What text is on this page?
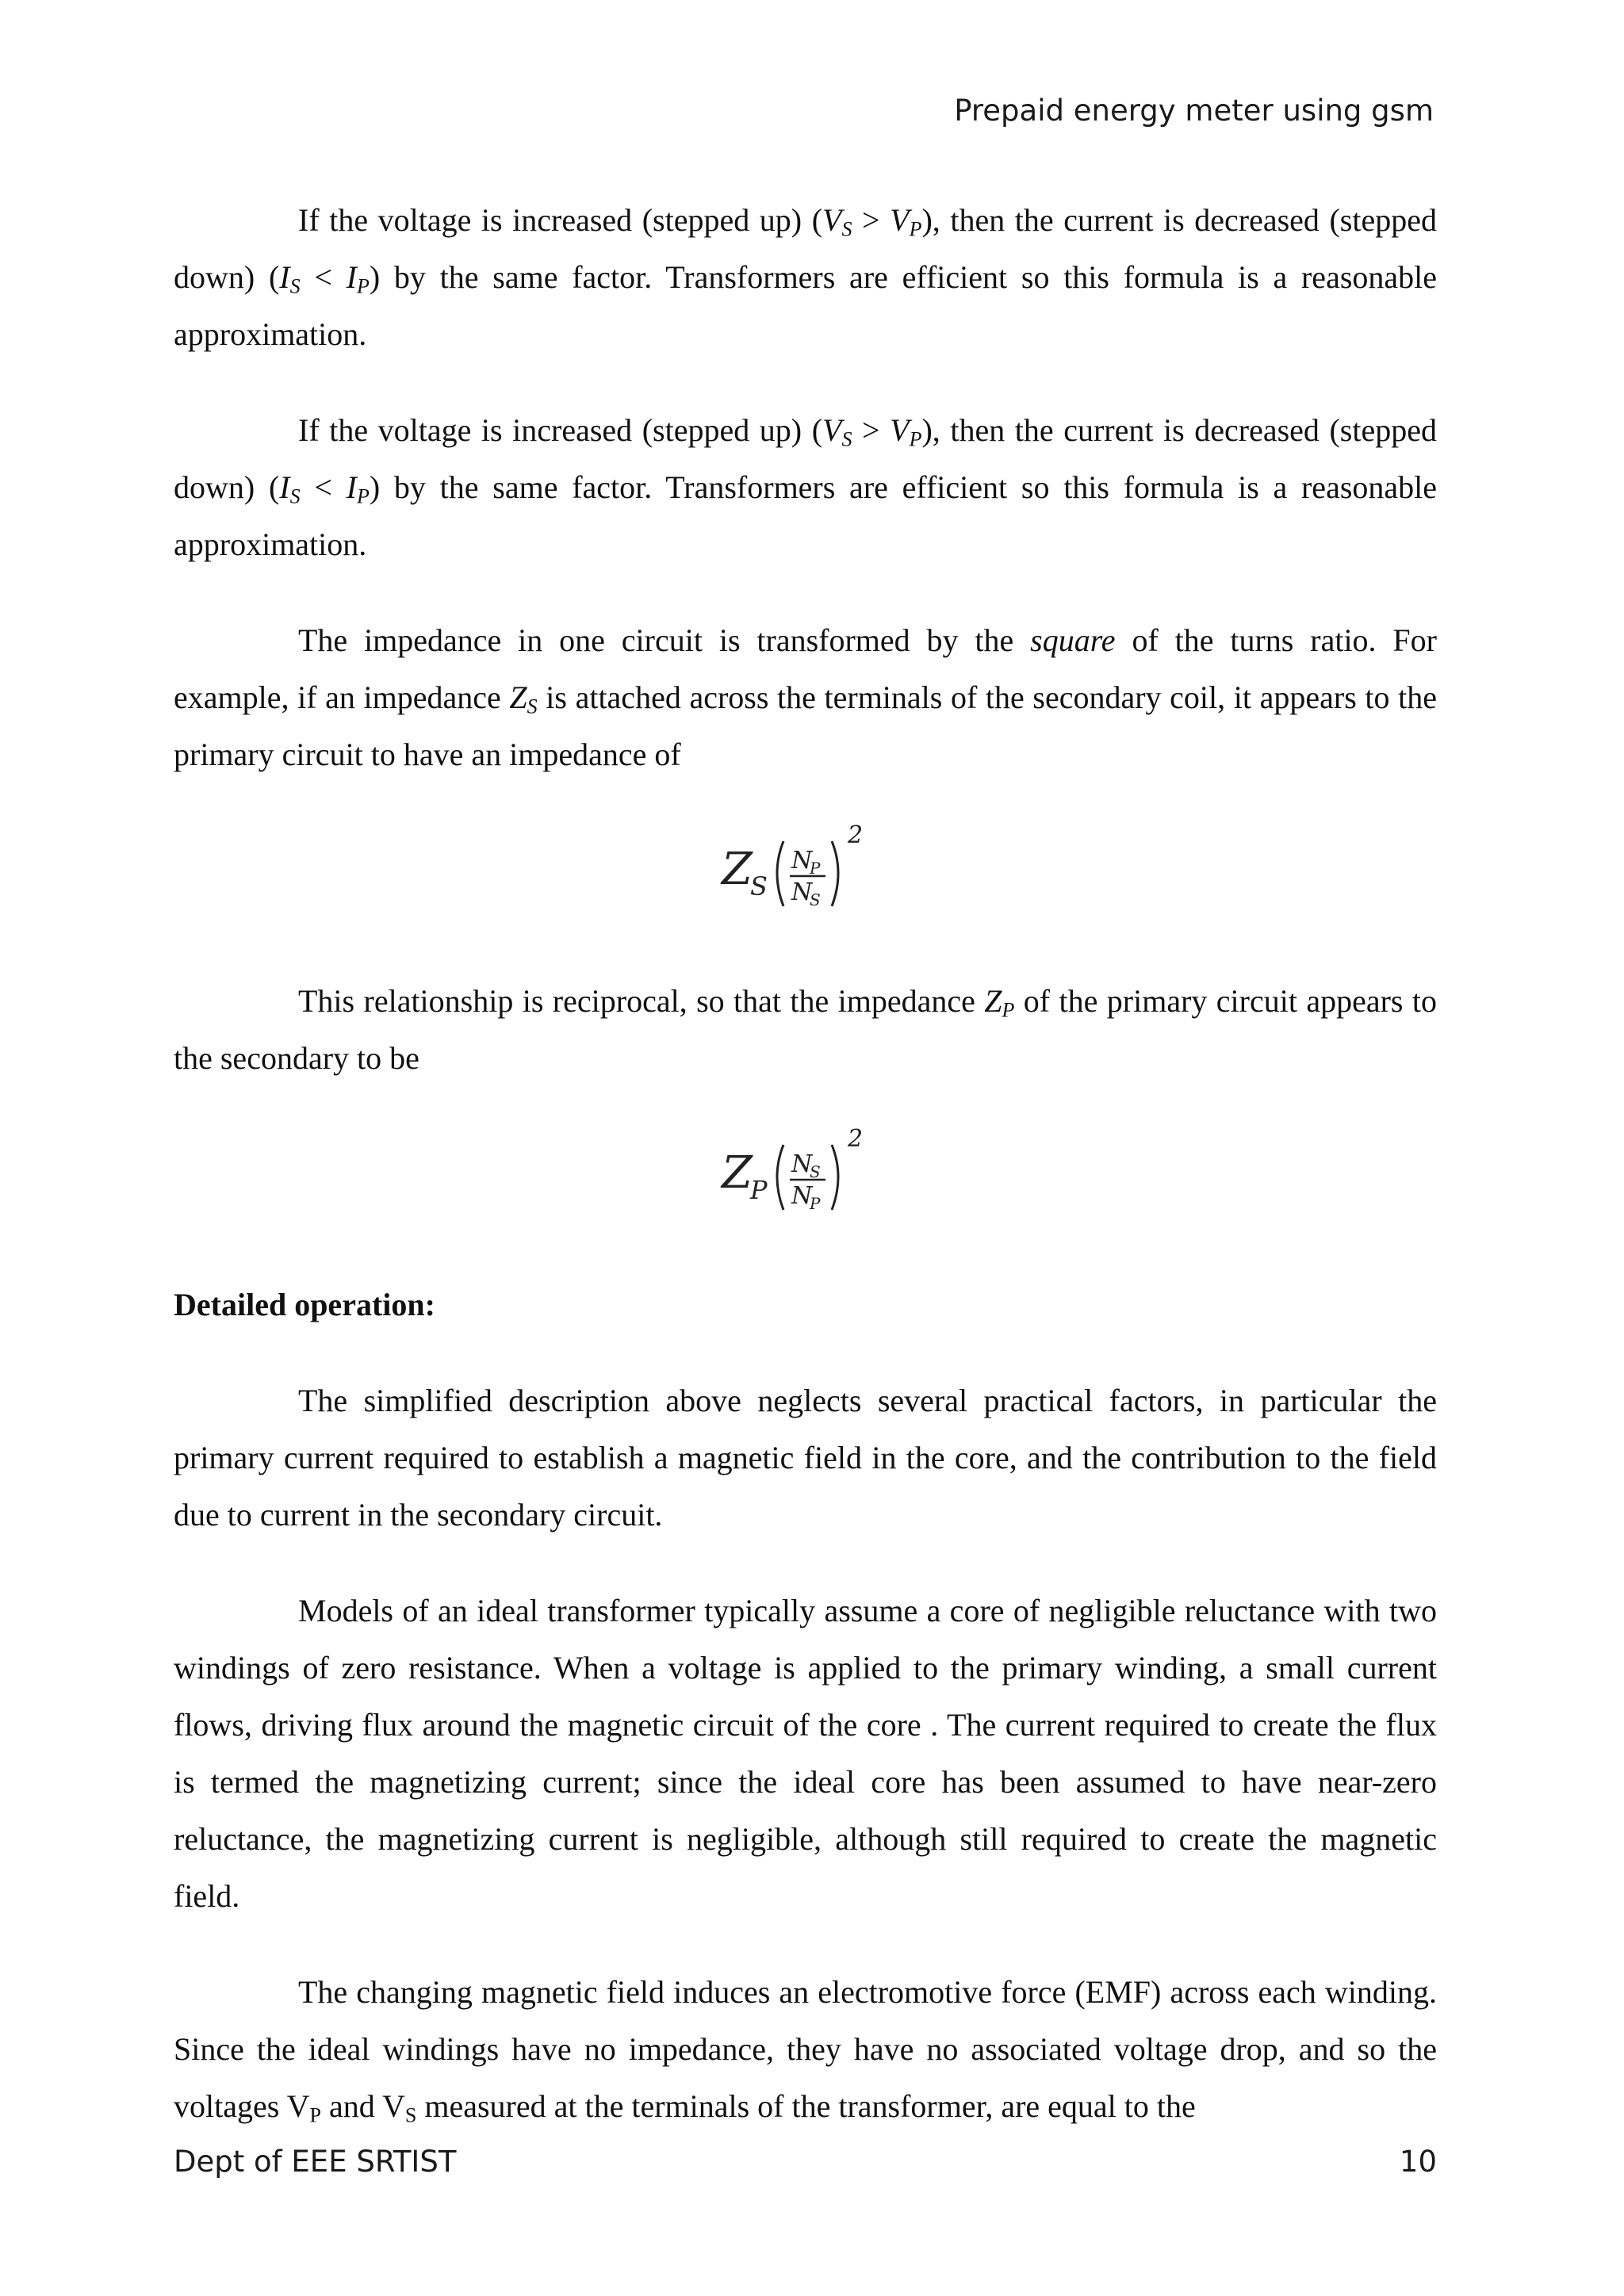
Prepaid energy meter using gsm

If the voltage is increased (stepped up) $(V_S > V_P)$, then the current is decreased (stepped down) $(I_S < I_P)$ by the same factor. Transformers are efficient so this formula is a reasonable approximation.

If the voltage is increased (stepped up) $(V_S > V_P)$, then the current is decreased (stepped down) $(I_S < I_P)$ by the same factor. Transformers are efficient so this formula is a reasonable approximation.

The impedance in one circuit is transformed by the square of the turns ratio. For example, if an impedance $Z_S$ is attached across the terminals of the secondary coil, it appears to the primary circuit to have an impedance of

Z
S
N
P
N
S
2

This relationship is reciprocal, so that the impedance $Z_P$ of the primary circuit appears to the secondary to be

Z
P
N
S
N
P
2
Detailed operation:

The simplified description above neglects several practical factors, in particular the primary current required to establish a magnetic field in the core, and the contribution to the field due to current in the secondary circuit.

Models of an ideal transformer typically assume a core of negligible reluctance with two windings of zero resistance. When a voltage is applied to the primary winding, a small current flows, driving flux around the magnetic circuit of the core . The current required to create the flux is termed the magnetizing current; since the ideal core has been assumed to have near-zero reluctance, the magnetizing current is negligible, although still required to create the magnetic field.

The changing magnetic field induces an electromotive force (EMF) across each winding. Since the ideal windings have no impedance, they have no associated voltage drop, and so the voltages $V_P$ and $V_S$ measured at the terminals of the transformer, are equal to the

Dept of EEE SRTIST	10
